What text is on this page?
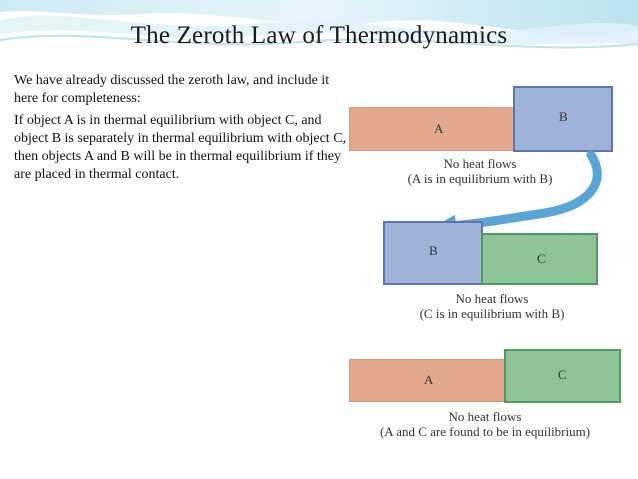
The Zeroth Law of Thermodynamics

We have already discussed the zeroth law, and include it here for completeness:

If object A is in thermal equilibrium with object C, and object B is separately in thermal equilibrium with object C, then objects A and B will be in thermal equilibrium if they are placed in thermal contact.

A
B
No heat flows
(A is in equilibrium with B)
B
C
No heat flows
(C is in equilibrium with B)
A	C
No heat flows
(A and C are found to be in equilibrium)
